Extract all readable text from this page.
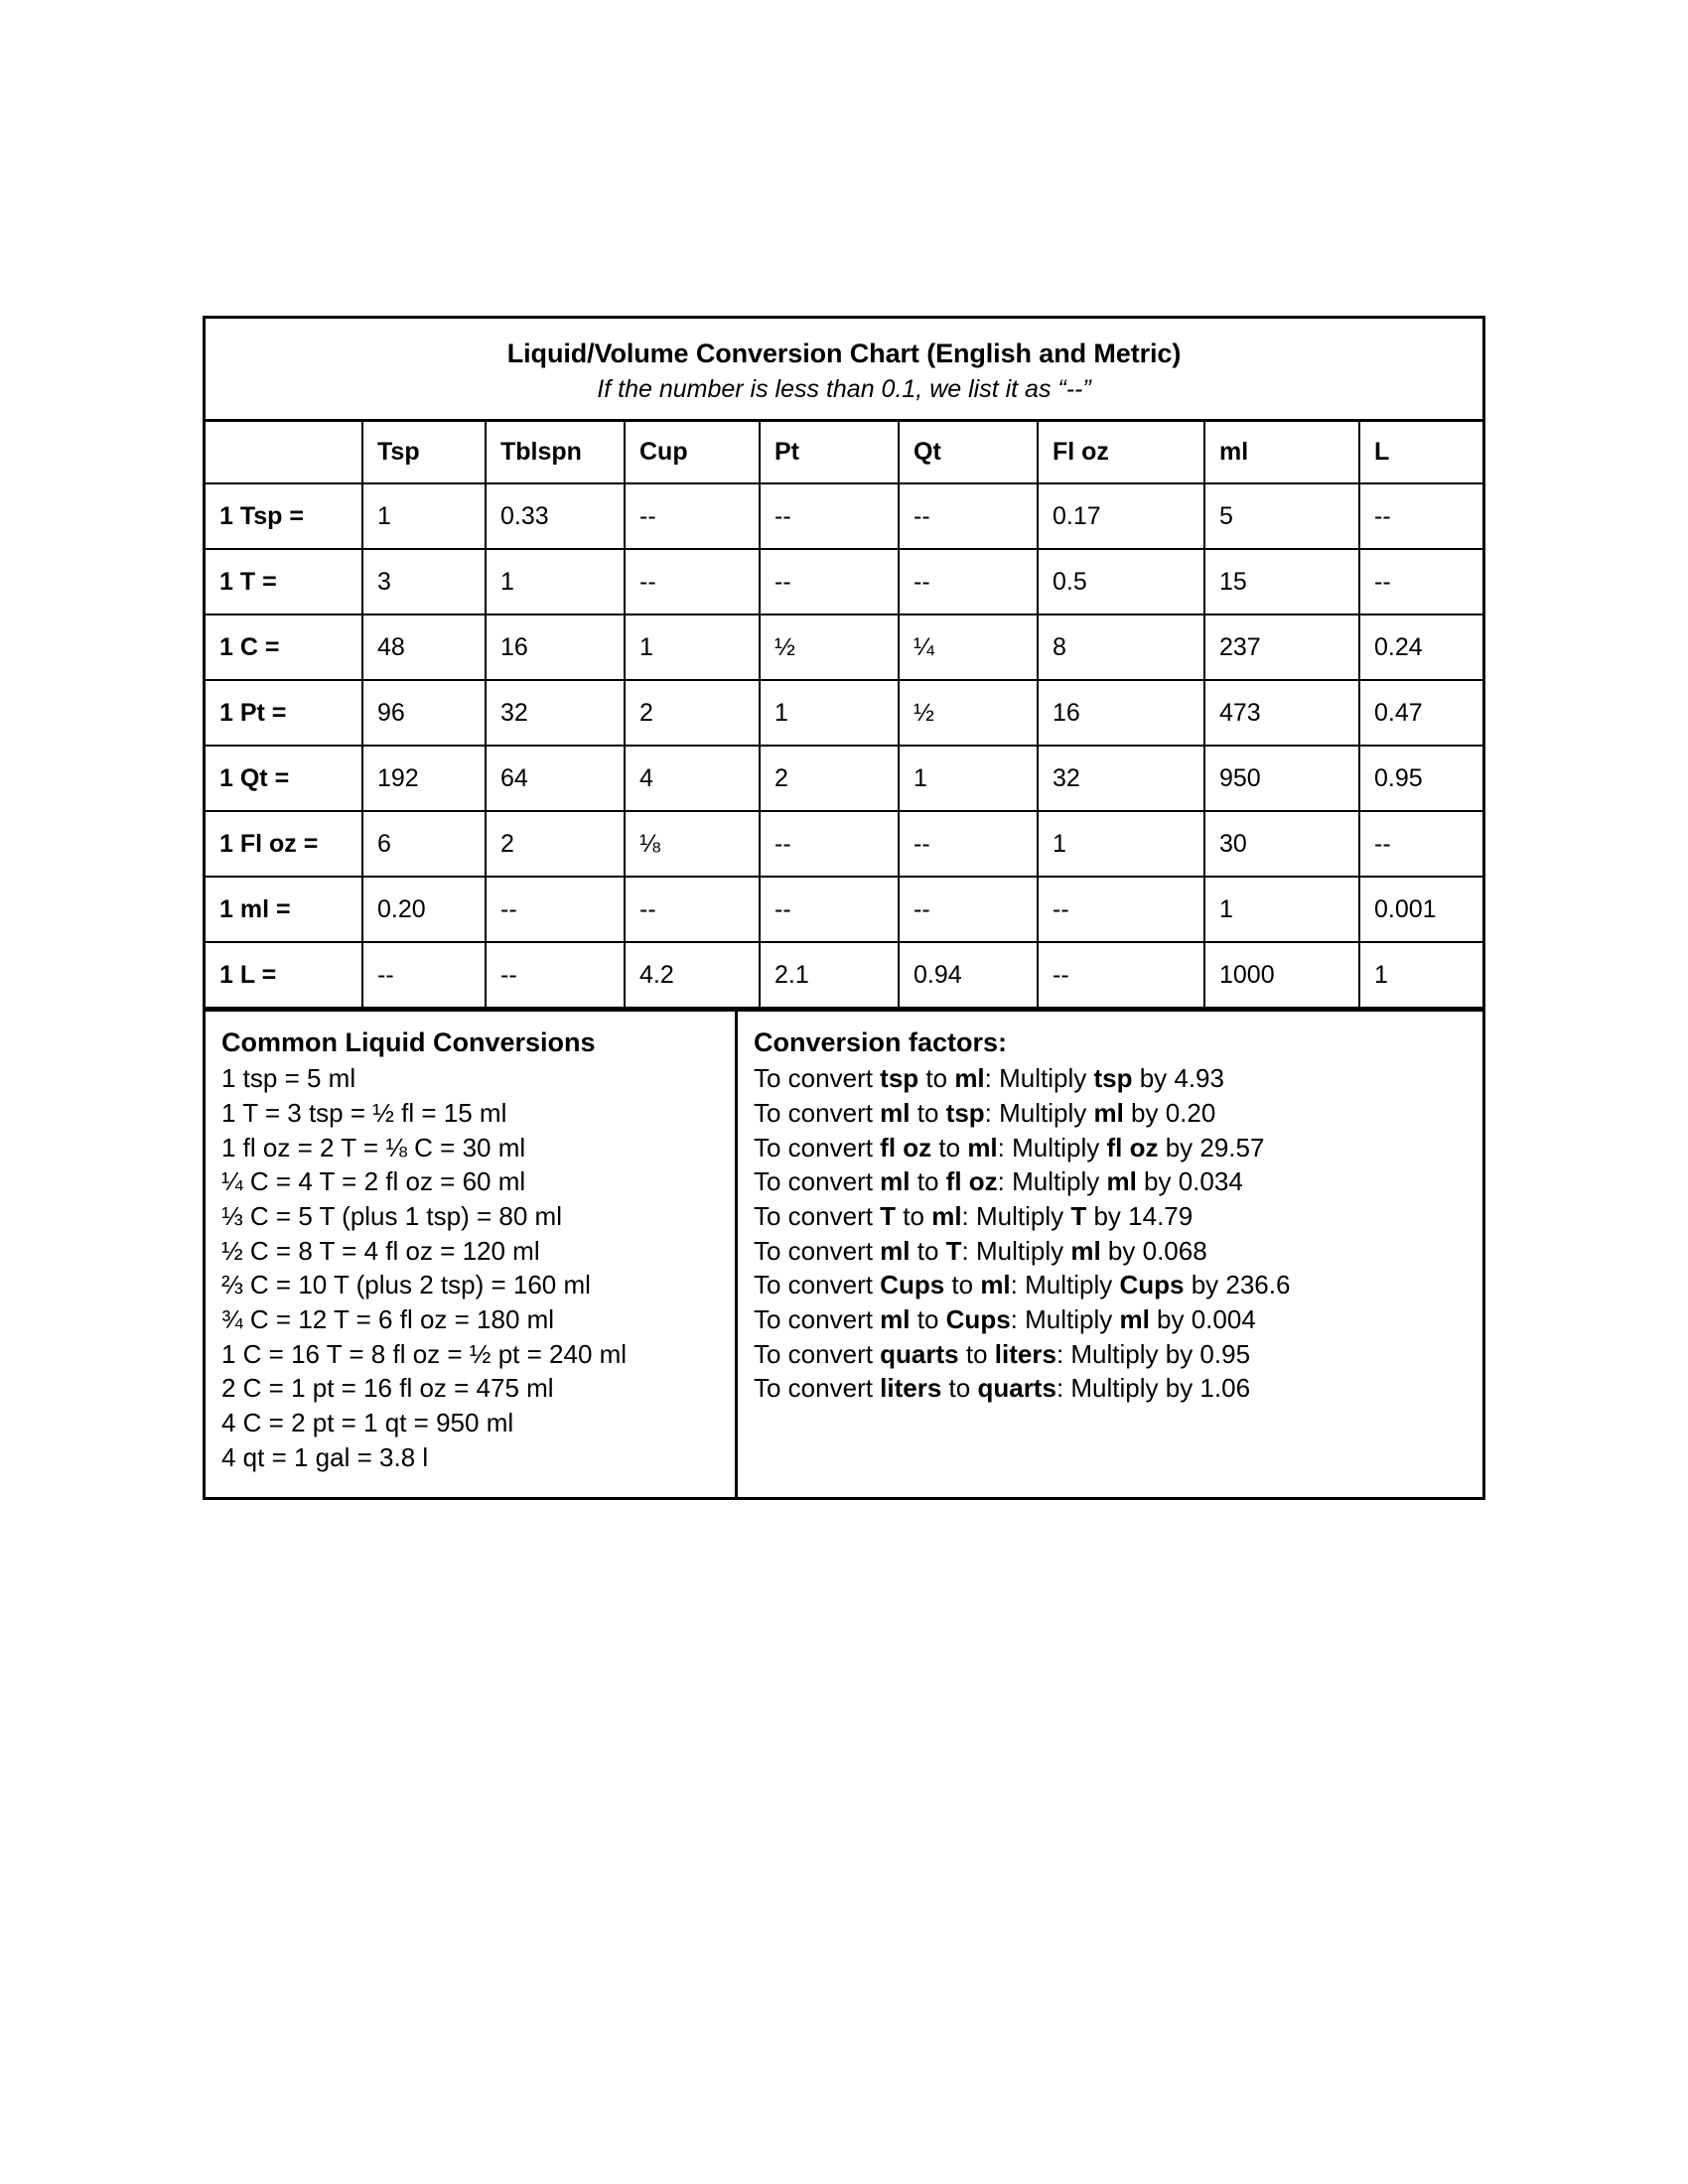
Liquid/Volume Conversion Chart (English and Metric)
If the number is less than 0.1, we list it as “--”
	Tsp	Tblspn	Cup	Pt	Qt	Fl oz	ml	L
1 Tsp =	1	0.33	--	--	--	0.17	5	--
1 T =	3	1	--	--	--	0.5	15	--
1 C =	48	16	1	½	¼	8	237	0.24
1 Pt =	96	32	2	1	½	16	473	0.47
1 Qt =	192	64	4	2	1	32	950	0.95
1 Fl oz =	6	2	⅛	--	--	1	30	--
1 ml =	0.20	--	--	--	--	--	1	0.001
1 L =	--	--	4.2	2.1	0.94	--	1000	1
Common Liquid Conversions
1 tsp = 5 ml
1 T = 3 tsp = ½ fl = 15 ml
1 fl oz = 2 T = ⅛ C = 30 ml
¼ C = 4 T = 2 fl oz = 60 ml
⅓ C = 5 T (plus 1 tsp) = 80 ml
½ C = 8 T = 4 fl oz = 120 ml
⅔ C = 10 T (plus 2 tsp) = 160 ml
¾ C = 12 T = 6 fl oz = 180 ml
1 C = 16 T = 8 fl oz = ½ pt = 240 ml
2 C = 1 pt = 16 fl oz = 475 ml
4 C = 2 pt = 1 qt = 950 ml
4 qt = 1 gal = 3.8 l
Conversion factors:
To convert tsp to ml: Multiply tsp by 4.93
To convert ml to tsp: Multiply ml by 0.20
To convert fl oz to ml: Multiply fl oz by 29.57
To convert ml to fl oz: Multiply ml by 0.034
To convert T to ml: Multiply T by 14.79
To convert ml to T: Multiply ml by 0.068
To convert Cups to ml: Multiply Cups by 236.6
To convert ml to Cups: Multiply ml by 0.004
To convert quarts to liters: Multiply by 0.95
To convert liters to quarts: Multiply by 1.06
